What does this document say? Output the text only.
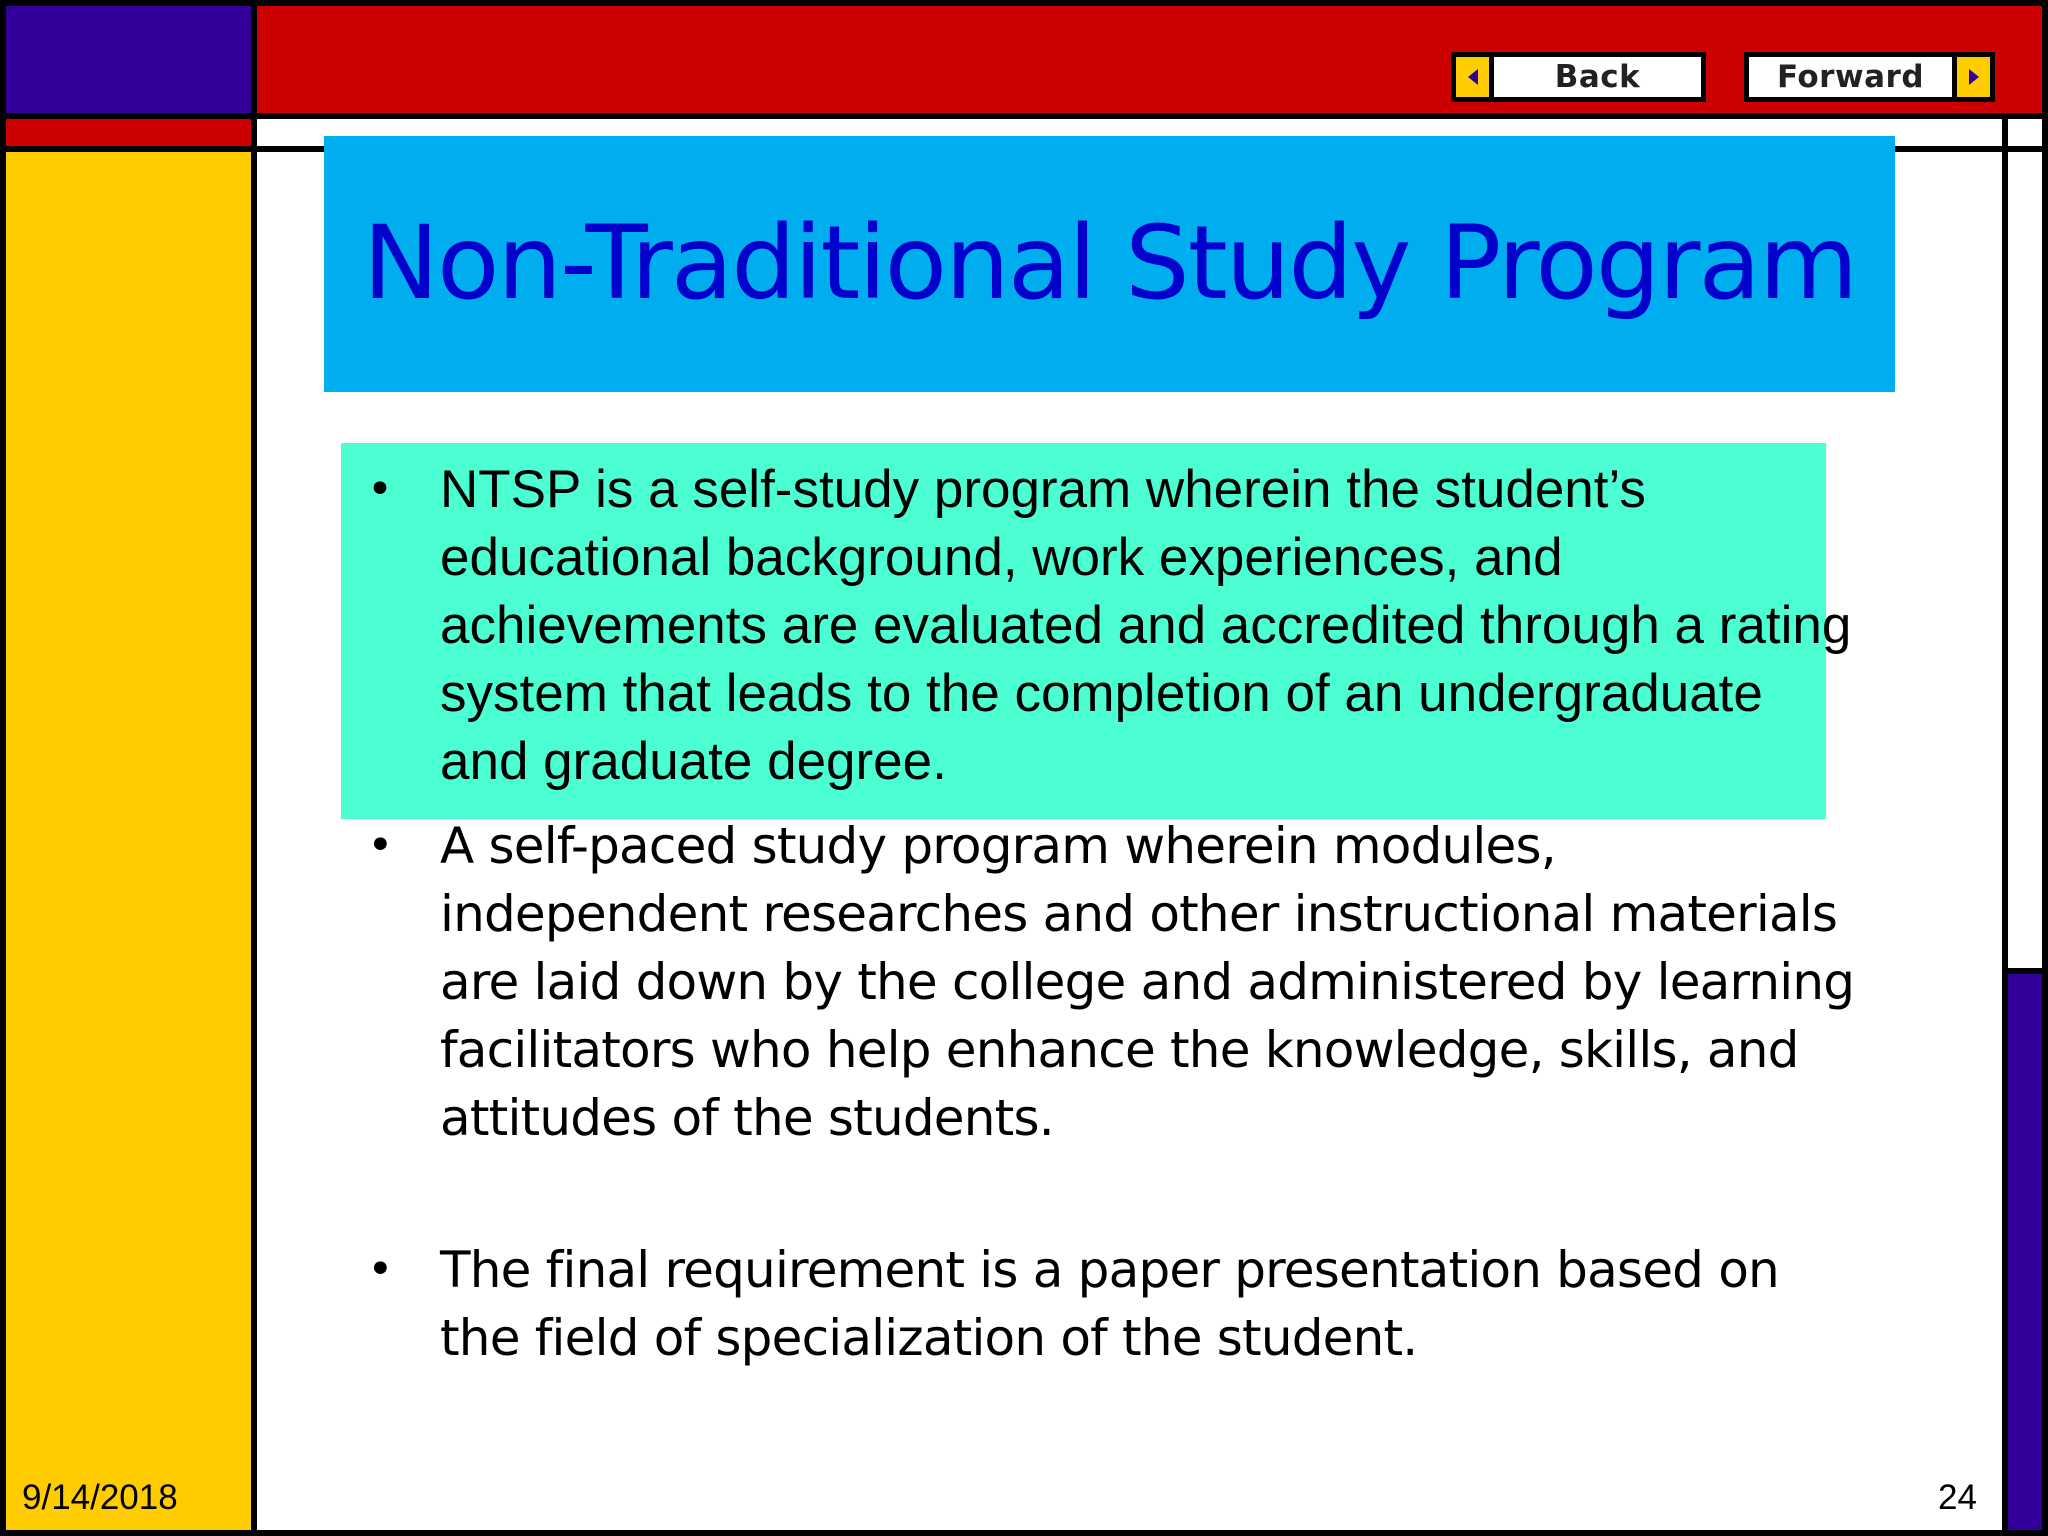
Back	Forward
Non-Traditional Study Program

• NTSP is a self-study program wherein the student’s educational background, work experiences, and achievements are evaluated and accredited through a rating system that leads to the completion of an undergraduate and graduate degree.

• A self-paced study program wherein modules, independent researches and other instructional materials are laid down by the college and administered by learning facilitators who help enhance the knowledge, skills, and attitudes of the students.

• The final requirement is a paper presentation based on the field of specialization of the student.

9/14/2018	24
